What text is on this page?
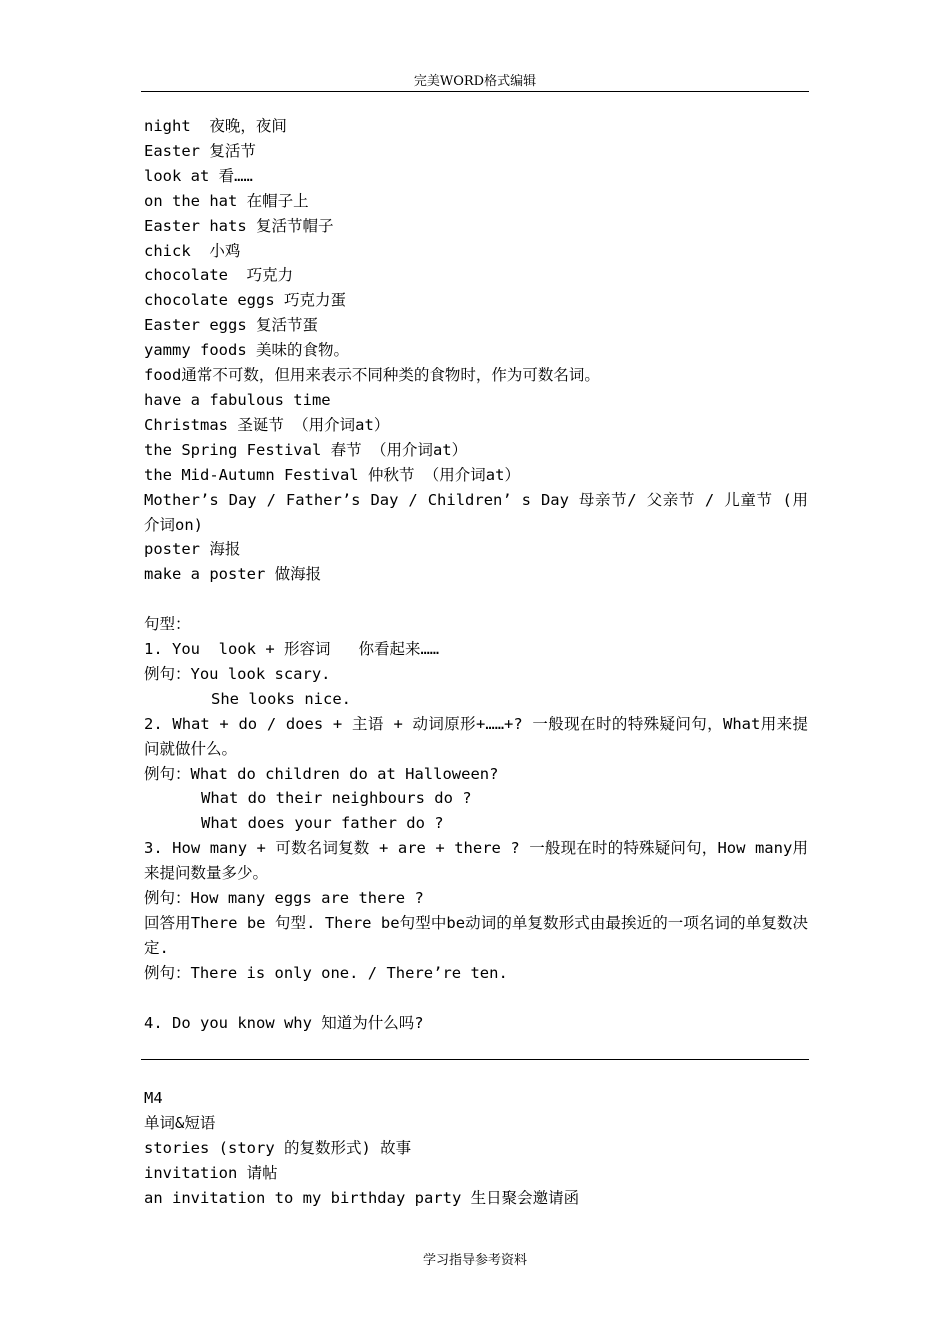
完美WORD格式编辑
night  夜晚，夜间
Easter 复活节
look at 看……
on the hat 在帽子上
Easter hats 复活节帽子
chick  小鸡
chocolate  巧克力
chocolate eggs 巧克力蛋
Easter eggs 复活节蛋
yammy foods 美味的食物。
food通常不可数，但用来表示不同种类的食物时，作为可数名词。
have a fabulous time
Christmas 圣诞节 （用介词at）
the Spring Festival 春节 （用介词at）
the Mid-Autumn Festival 仲秋节 （用介词at）
Mother’s Day / Father’s Day / Children’ s Day 母亲节/ 父亲节 / 儿童节 (用介词on)
poster 海报
make a poster 做海报
句型：
1. You  look + 形容词   你看起来……
例句：You look scary.
She looks nice.
2. What + do / does + 主语 + 动词原形+……+? 一般现在时的特殊疑问句，What用来提问就做什么。
例句：What do children do at Halloween?
What do their neighbours do ?
What does your father do ?
3. How many + 可数名词复数 + are + there ? 一般现在时的特殊疑问句，How many用来提问数量多少。
例句：How many eggs are there ?
回答用There be 句型. There be句型中be动词的单复数形式由最挨近的一项名词的单复数决定.
例句：There is only one. / There’re ten.
4. Do you know why 知道为什么吗?
M4
单词&短语
stories (story 的复数形式) 故事
invitation 请帖
an invitation to my birthday party 生日聚会邀请函
学习指导参考资料
